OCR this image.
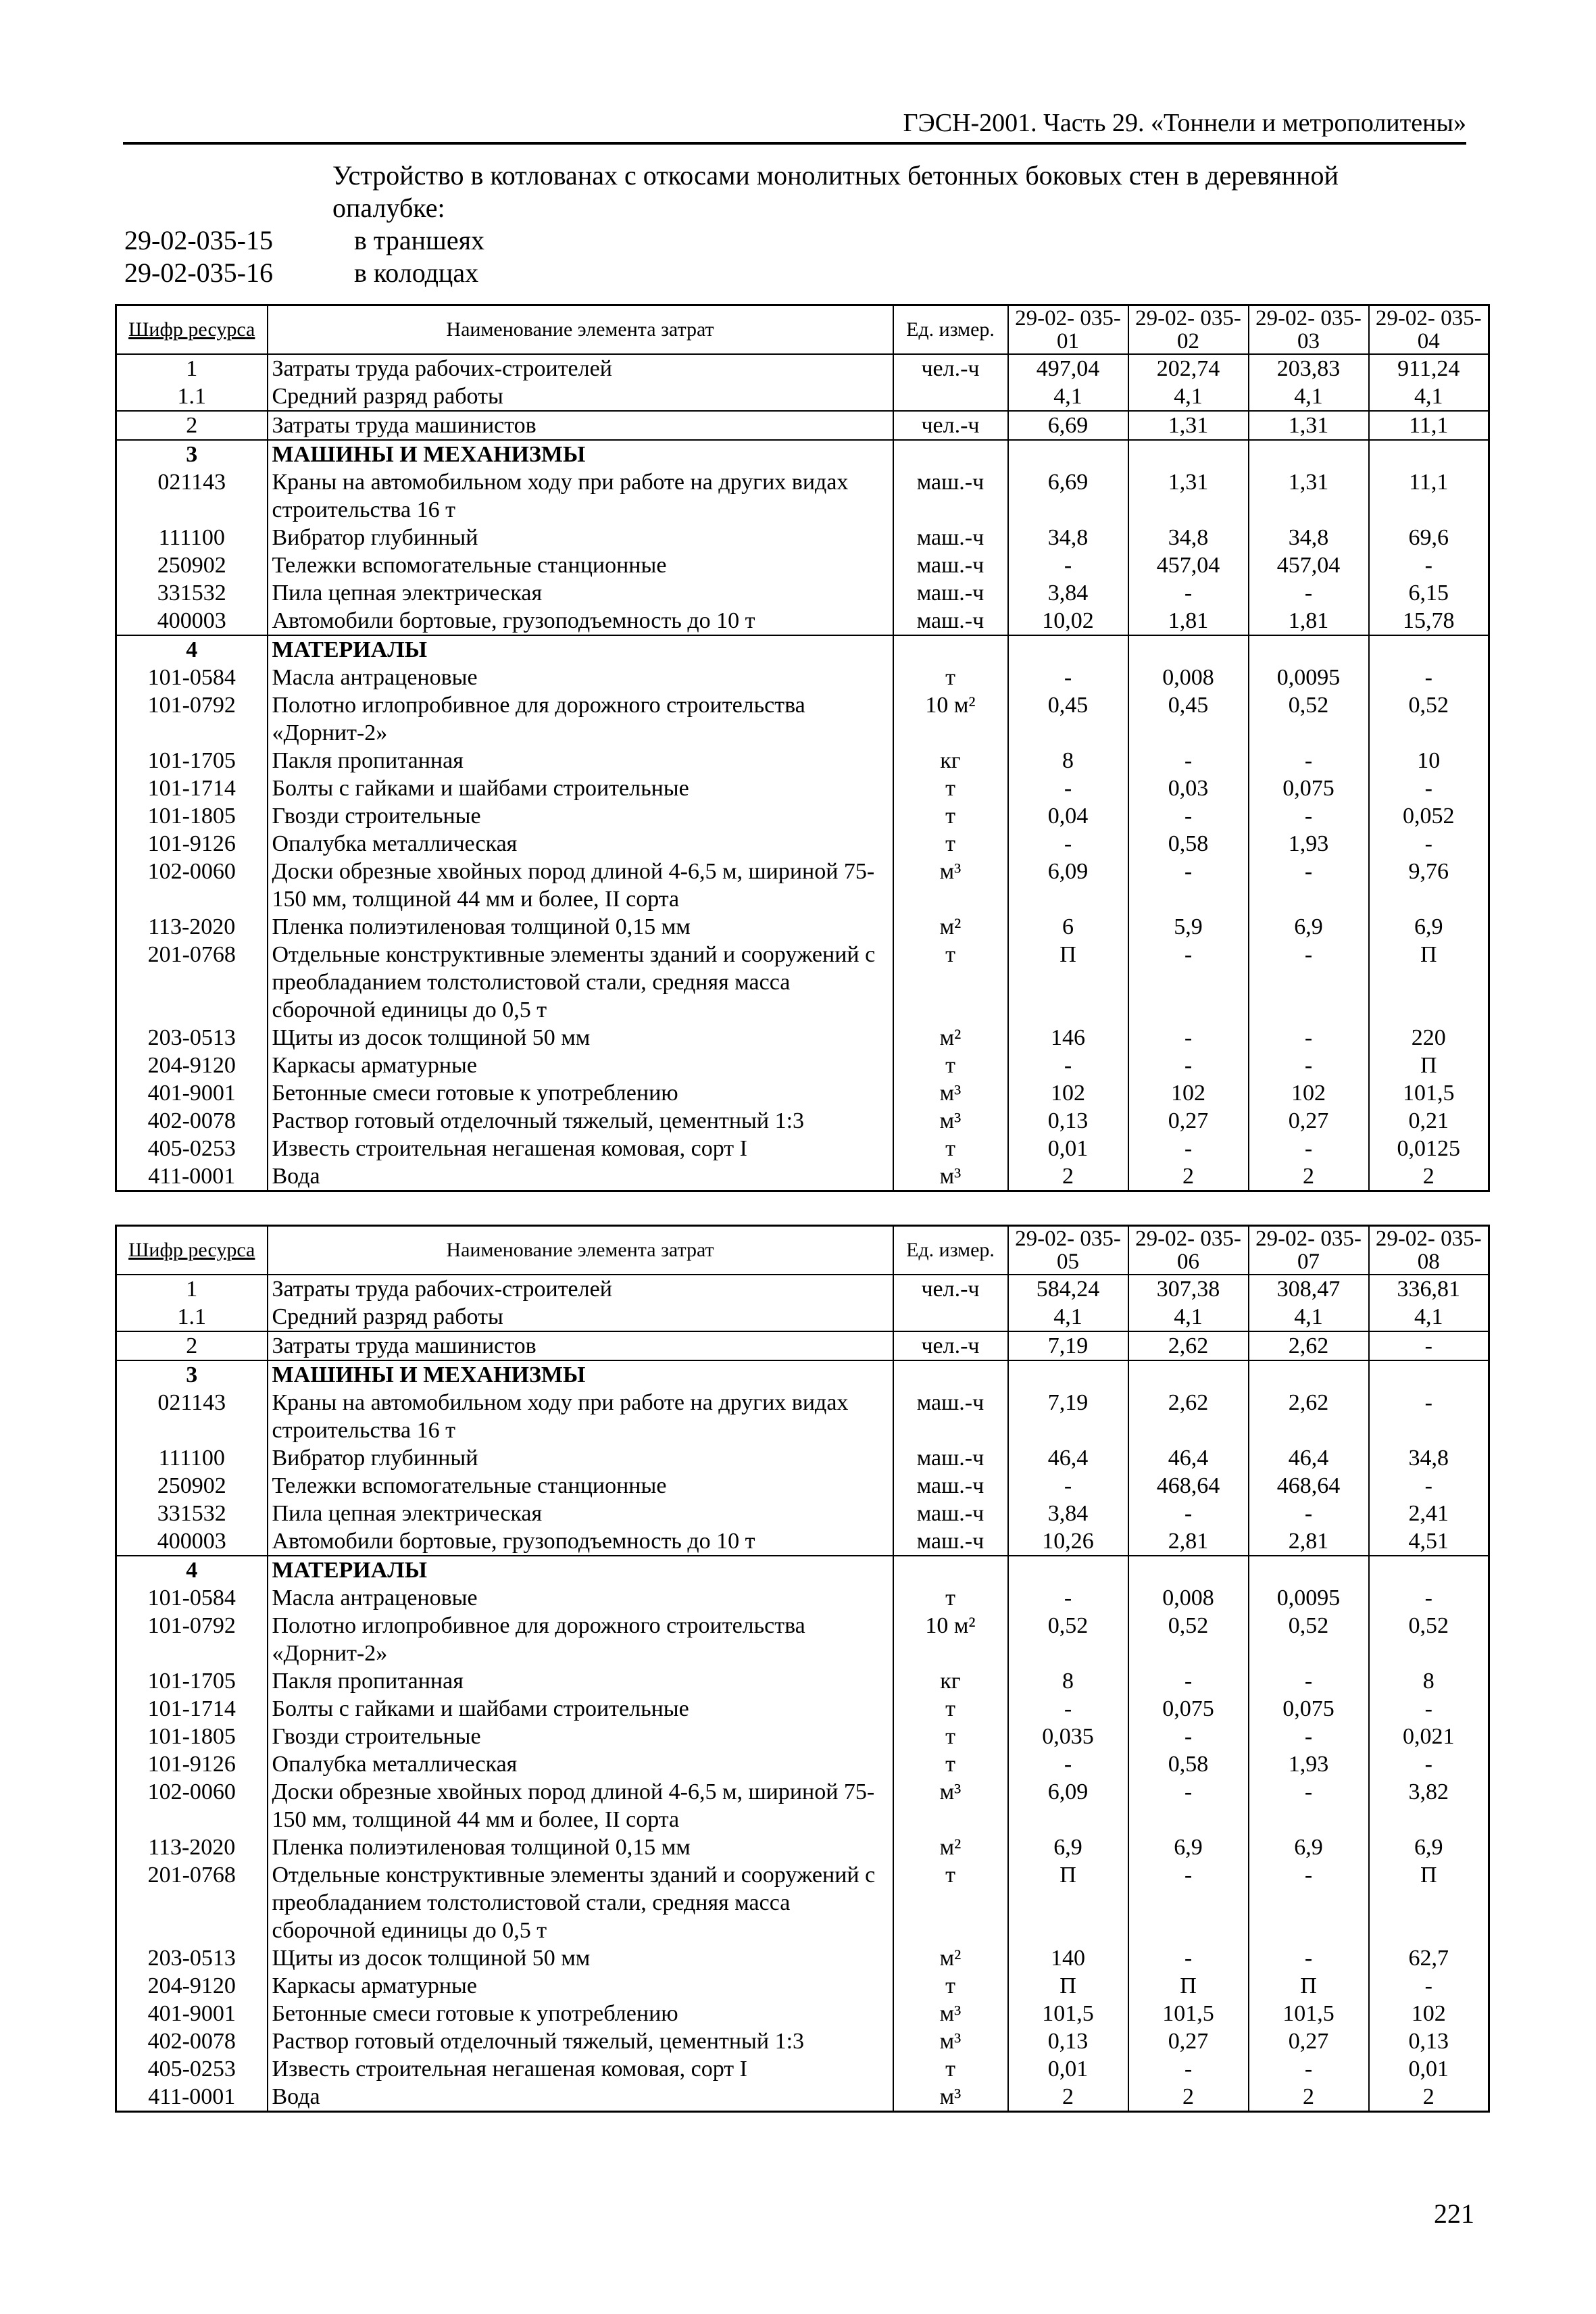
ГЭСН-2001. Часть 29. «Тоннели и метрополитены»
Устройство в котлованах с откосами монолитных бетонных боковых стен в деревянной опалубке:
29-02-035-15	в траншеях
29-02-035-16	в колодцах
Шифр ресурса	Наименование элемента затрат	Ед. измер.	29-02- 035-01	29-02- 035-02	29-02- 035-03	29-02- 035-04
1	Затраты труда рабочих-строителей	чел.-ч	497,04	202,74	203,83	911,24
1.1	Средний разряд работы		4,1	4,1	4,1	4,1
2	Затраты труда машинистов	чел.-ч	6,69	1,31	1,31	11,1
3	МАШИНЫ И МЕХАНИЗМЫ					
021143	Краны на автомобильном ходу при работе на других видах строительства 16 т	маш.-ч	6,69	1,31	1,31	11,1
111100	Вибратор глубинный	маш.-ч	34,8	34,8	34,8	69,6
250902	Тележки вспомогательные станционные	маш.-ч	-	457,04	457,04	-
331532	Пила цепная электрическая	маш.-ч	3,84	-	-	6,15
400003	Автомобили бортовые, грузоподъемность до 10 т	маш.-ч	10,02	1,81	1,81	15,78
4	МАТЕРИАЛЫ					
101-0584	Масла антраценовые	т	-	0,008	0,0095	-
101-0792	Полотно иглопробивное для дорожного строительства «Дорнит-2»	10 м²	0,45	0,45	0,52	0,52
101-1705	Пакля пропитанная	кг	8	-	-	10
101-1714	Болты с гайками и шайбами строительные	т	-	0,03	0,075	-
101-1805	Гвозди строительные	т	0,04	-	-	0,052
101-9126	Опалубка металлическая	т	-	0,58	1,93	-
102-0060	Доски обрезные хвойных пород длиной 4-6,5 м, шириной 75-150 мм, толщиной 44 мм и более, II сорта	м³	6,09	-	-	9,76
113-2020	Пленка полиэтиленовая толщиной 0,15 мм	м²	6	5,9	6,9	6,9
201-0768	Отдельные конструктивные элементы зданий и сооружений с преобладанием толстолистовой стали, средняя масса сборочной единицы до 0,5 т	т	П	-	-	П
203-0513	Щиты из досок толщиной 50 мм	м²	146	-	-	220
204-9120	Каркасы арматурные	т	-	-	-	П
401-9001	Бетонные смеси готовые к употреблению	м³	102	102	102	101,5
402-0078	Раствор готовый отделочный тяжелый, цементный 1:3	м³	0,13	0,27	0,27	0,21
405-0253	Известь строительная негашеная комовая, сорт I	т	0,01	-	-	0,0125
411-0001	Вода	м³	2	2	2	2
Шифр ресурса	Наименование элемента затрат	Ед. измер.	29-02- 035-05	29-02- 035-06	29-02- 035-07	29-02- 035-08
1	Затраты труда рабочих-строителей	чел.-ч	584,24	307,38	308,47	336,81
1.1	Средний разряд работы		4,1	4,1	4,1	4,1
2	Затраты труда машинистов	чел.-ч	7,19	2,62	2,62	-
3	МАШИНЫ И МЕХАНИЗМЫ					
021143	Краны на автомобильном ходу при работе на других видах строительства 16 т	маш.-ч	7,19	2,62	2,62	-
111100	Вибратор глубинный	маш.-ч	46,4	46,4	46,4	34,8
250902	Тележки вспомогательные станционные	маш.-ч	-	468,64	468,64	-
331532	Пила цепная электрическая	маш.-ч	3,84	-	-	2,41
400003	Автомобили бортовые, грузоподъемность до 10 т	маш.-ч	10,26	2,81	2,81	4,51
4	МАТЕРИАЛЫ					
101-0584	Масла антраценовые	т	-	0,008	0,0095	-
101-0792	Полотно иглопробивное для дорожного строительства «Дорнит-2»	10 м²	0,52	0,52	0,52	0,52
101-1705	Пакля пропитанная	кг	8	-	-	8
101-1714	Болты с гайками и шайбами строительные	т	-	0,075	0,075	-
101-1805	Гвозди строительные	т	0,035	-	-	0,021
101-9126	Опалубка металлическая	т	-	0,58	1,93	-
102-0060	Доски обрезные хвойных пород длиной 4-6,5 м, шириной 75-150 мм, толщиной 44 мм и более, II сорта	м³	6,09	-	-	3,82
113-2020	Пленка полиэтиленовая толщиной 0,15 мм	м²	6,9	6,9	6,9	6,9
201-0768	Отдельные конструктивные элементы зданий и сооружений с преобладанием толстолистовой стали, средняя масса сборочной единицы до 0,5 т	т	П	-	-	П
203-0513	Щиты из досок толщиной 50 мм	м²	140	-	-	62,7
204-9120	Каркасы арматурные	т	П	П	П	-
401-9001	Бетонные смеси готовые к употреблению	м³	101,5	101,5	101,5	102
402-0078	Раствор готовый отделочный тяжелый, цементный 1:3	м³	0,13	0,27	0,27	0,13
405-0253	Известь строительная негашеная комовая, сорт I	т	0,01	-	-	0,01
411-0001	Вода	м³	2	2	2	2
221
